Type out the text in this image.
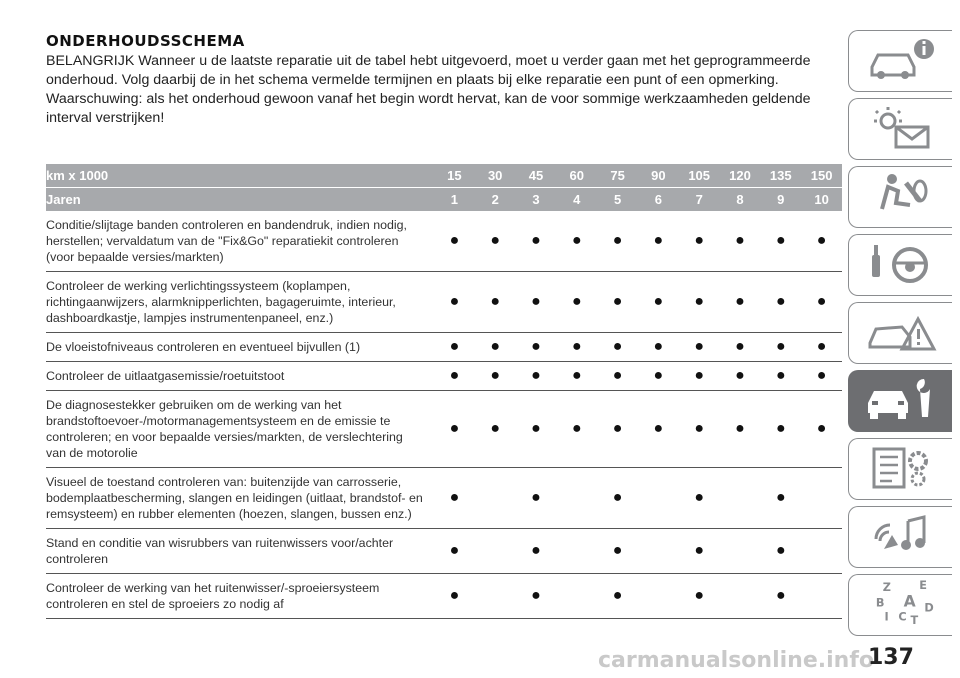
ONDERHOUDSSCHEMA

BELANGRIJK Wanneer u de laatste reparatie uit de tabel hebt uitgevoerd, moet u verder gaan met het geprogrammeerde onderhoud. Volg daarbij de in het schema vermelde termijnen en plaats bij elke reparatie een punt of een opmerking. Waarschuwing: als het onderhoud gewoon vanaf het begin wordt hervat, kan de voor sommige werkzaamheden geldende interval verstrijken!

km x 1000	15	30	45	60	75	90	105	120	135	150
Jaren	1	2	3	4	5	6	7	8	9	10
Conditie/slijtage banden controleren en bandendruk, indien nodig, herstellen; vervaldatum van de "Fix&Go" reparatiekit controleren (voor bepaalde versies/markten)	●	●	●	●	●	●	●	●	●	●
Controleer de werking verlichtingssysteem (koplampen, richtingaanwijzers, alarmknipperlichten, bagageruimte, interieur, dashboardkastje, lampjes instrumentenpaneel, enz.)	●	●	●	●	●	●	●	●	●	●
De vloeistofniveaus controleren en eventueel bijvullen (1)	●	●	●	●	●	●	●	●	●	●
Controleer de uitlaatgasemissie/roetuitstoot	●	●	●	●	●	●	●	●	●	●
De diagnosestekker gebruiken om de werking van het brandstoftoevoer-/motormanagementsysteem en de emissie te controleren; en voor bepaalde versies/markten, de verslechtering van de motorolie	●	●	●	●	●	●	●	●	●	●
Visueel de toestand controleren van: buitenzijde van carrosserie, bodemplaatbescherming, slangen en leidingen (uitlaat, brandstof- en remsysteem) en rubber elementen (hoezen, slangen, bussen enz.)	●		●		●		●		●	
Stand en conditie van wisrubbers van ruitenwissers voor/achter controleren	●		●		●		●		●	
Controleer de werking van het ruitenwisser/-sproeiersysteem controleren en stel de sproeiers zo nodig af	●		●		●		●		●	
Z E
B A D
I C T
carmanualsonline.info
137
